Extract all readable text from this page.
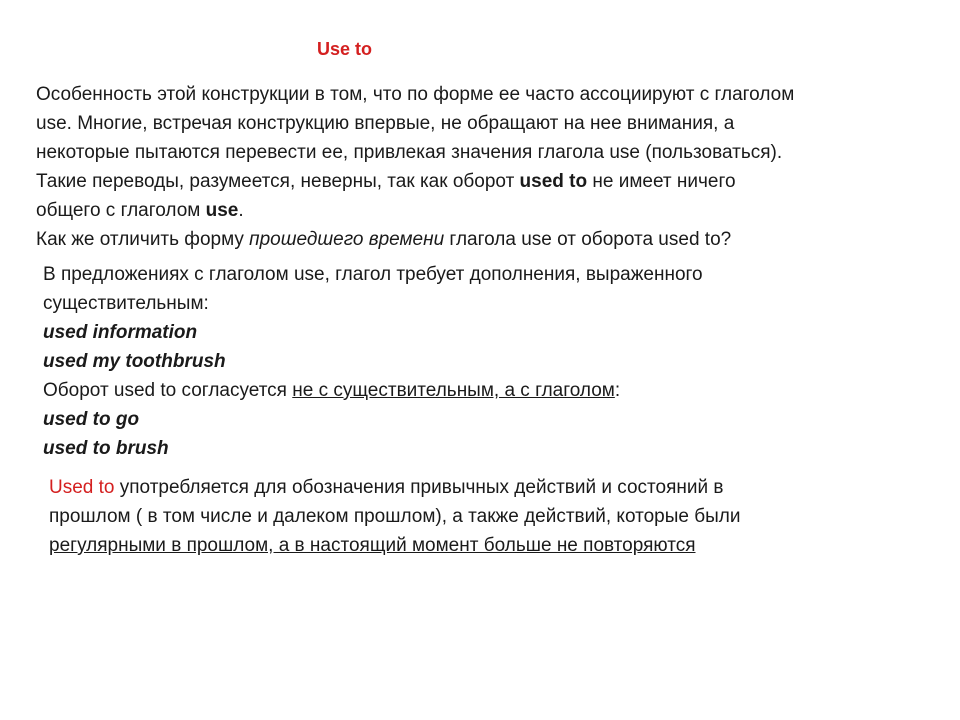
Use to
Особенность этой конструкции в том, что по форме ее часто ассоциируют с глаголом
use. Многие, встречая конструкцию впервые, не обращают на нее внимания, а
некоторые пытаются перевести ее, привлекая значения глагола use (пользоваться).
Такие переводы, разумеется, неверны, так как оборот used to не имеет ничего
общего с глаголом use.
Как же отличить форму прошедшего времени глагола use от оборота used to?
В предложениях с глаголом use, глагол требует дополнения, выраженного
существительным:
used information
used my toothbrush
Оборот used to согласуется не с существительным, а с глаголом:
used to go
used to brush
Used to употребляется для обозначения привычных действий и состояний в
прошлом ( в том числе и далеком прошлом), а также действий, которые были
регулярными в прошлом, а в настоящий момент больше не повторяются
